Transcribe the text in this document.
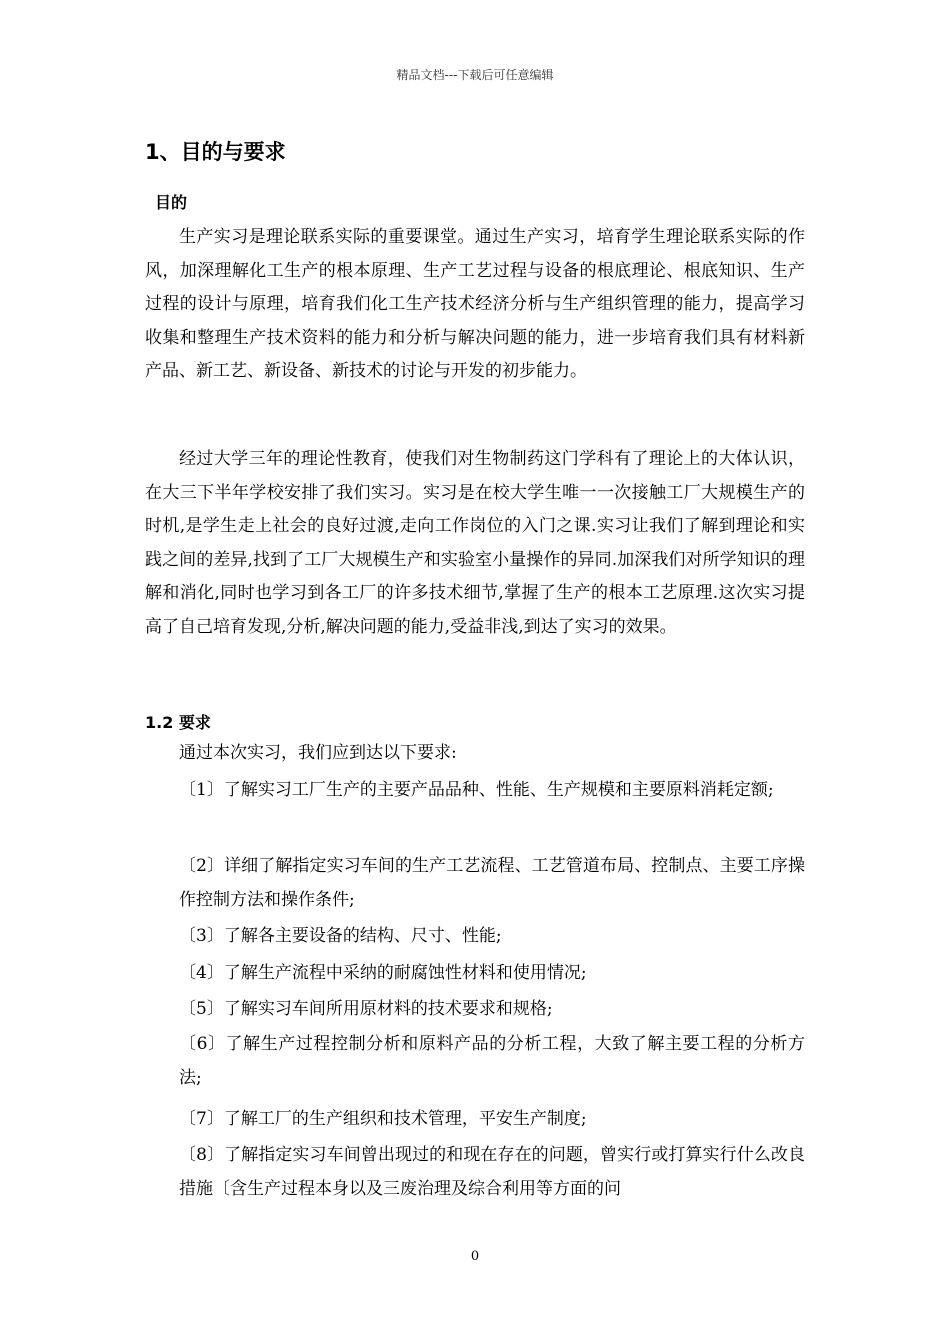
精品文档---下载后可任意编辑
1、目的与要求
目的

生产实习是理论联系实际的重要课堂。通过生产实习，培育学生理论联系实际的作风，加深理解化工生产的根本原理、生产工艺过程与设备的根底理论、根底知识、生产过程的设计与原理，培育我们化工生产技术经济分析与生产组织管理的能力，提高学习收集和整理生产技术资料的能力和分析与解决问题的能力，进一步培育我们具有材料新产品、新工艺、新设备、新技术的讨论与开发的初步能力。

经过大学三年的理论性教育，使我们对生物制药这门学科有了理论上的大体认识，在大三下半年学校安排了我们实习。实习是在校大学生唯一一次接触工厂大规模生产的时机,是学生走上社会的良好过渡,走向工作岗位的入门之课.实习让我们了解到理论和实践之间的差异,找到了工厂大规模生产和实验室小量操作的异同.加深我们对所学知识的理解和消化,同时也学习到各工厂的许多技术细节,掌握了生产的根本工艺原理.这次实习提高了自己培育发现,分析,解决问题的能力,受益非浅,到达了实习的效果。

1.2 要求

通过本次实习，我们应到达以下要求:

〔1〕了解实习工厂生产的主要产品品种、性能、生产规模和主要原料消耗定额;

〔2〕详细了解指定实习车间的生产工艺流程、工艺管道布局、控制点、主要工序操作控制方法和操作条件;

〔3〕了解各主要设备的结构、尺寸、性能;

〔4〕了解生产流程中采纳的耐腐蚀性材料和使用情况;

〔5〕了解实习车间所用原材料的技术要求和规格;

〔6〕了解生产过程控制分析和原料产品的分析工程，大致了解主要工程的分析方法;

〔7〕了解工厂的生产组织和技术管理，平安生产制度;

〔8〕了解指定实习车间曾出现过的和现在存在的问题，曾实行或打算实行什么改良措施〔含生产过程本身以及三废治理及综合利用等方面的问

0
